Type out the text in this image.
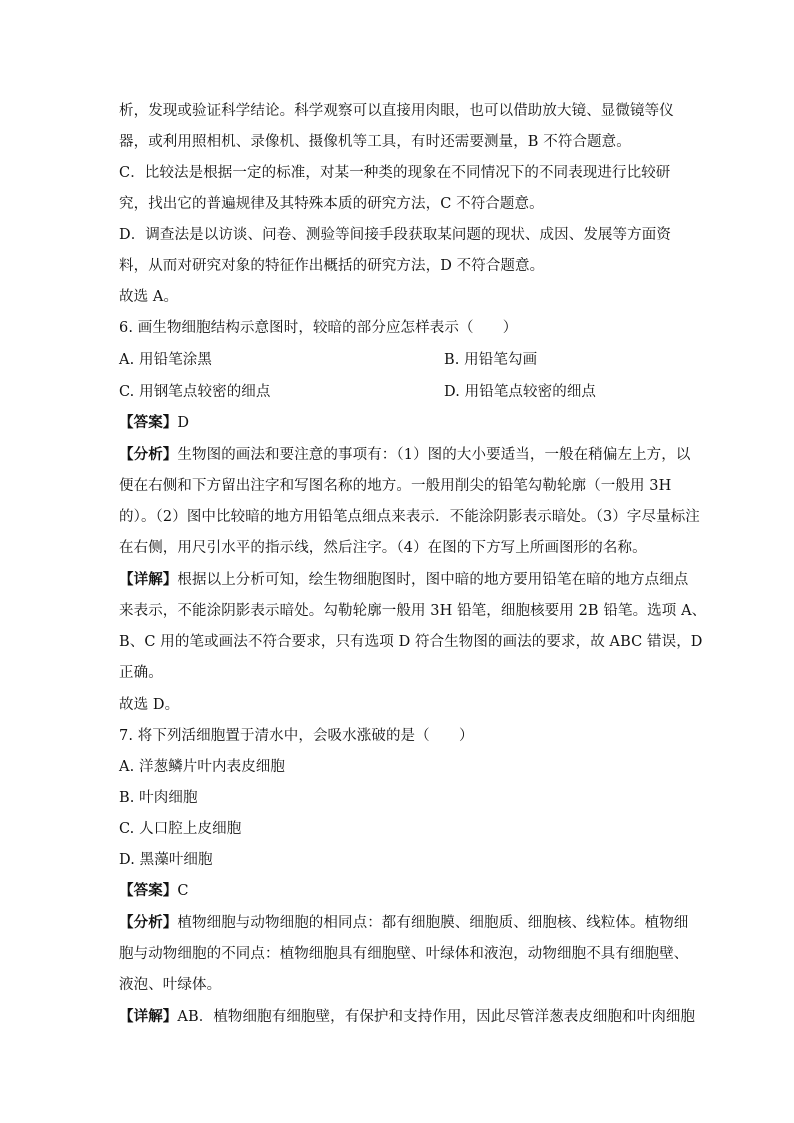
析，发现或验证科学结论。科学观察可以直接用肉眼，也可以借助放大镜、显微镜等仪
器，或利用照相机、录像机、摄像机等工具，有时还需要测量，B 不符合题意。
C．比较法是根据一定的标准，对某一种类的现象在不同情况下的不同表现进行比较研
究，找出它的普遍规律及其特殊本质的研究方法，C 不符合题意。
D．调查法是以访谈、问卷、测验等间接手段获取某问题的现状、成因、发展等方面资
料，从而对研究对象的特征作出概括的研究方法，D 不符合题意。
故选 A。
6. 画生物细胞结构示意图时，较暗的部分应怎样表示（　　）
A. 用铅笔涂黑	B. 用铅笔勾画
C. 用钢笔点较密的细点	D. 用铅笔点较密的细点
【答案】D
【分析】生物图的画法和要注意的事项有：（1）图的大小要适当，一般在稍偏左上方，以
便在右侧和下方留出注字和写图名称的地方。一般用削尖的铅笔勾勒轮廓（一般用 3H
的）。（2）图中比较暗的地方用铅笔点细点来表示．不能涂阴影表示暗处。（3）字尽量标注
在右侧，用尺引水平的指示线，然后注字。（4）在图的下方写上所画图形的名称。
【详解】根据以上分析可知，绘生物细胞图时，图中暗的地方要用铅笔在暗的地方点细点
来表示，不能涂阴影表示暗处。勾勒轮廓一般用 3H 铅笔，细胞核要用 2B 铅笔。选项 A、
B、C 用的笔或画法不符合要求，只有选项 D 符合生物图的画法的要求，故 ABC 错误，D
正确。
故选 D。
7. 将下列活细胞置于清水中，会吸水涨破的是（　　）
A. 洋葱鳞片叶内表皮细胞
B. 叶肉细胞
C. 人口腔上皮细胞
D. 黑藻叶细胞
【答案】C
【分析】植物细胞与动物细胞的相同点：都有细胞膜、细胞质、细胞核、线粒体。植物细
胞与动物细胞的不同点：植物细胞具有细胞壁、叶绿体和液泡，动物细胞不具有细胞壁、
液泡、叶绿体。
【详解】AB．植物细胞有细胞壁，有保护和支持作用，因此尽管洋葱表皮细胞和叶肉细胞
